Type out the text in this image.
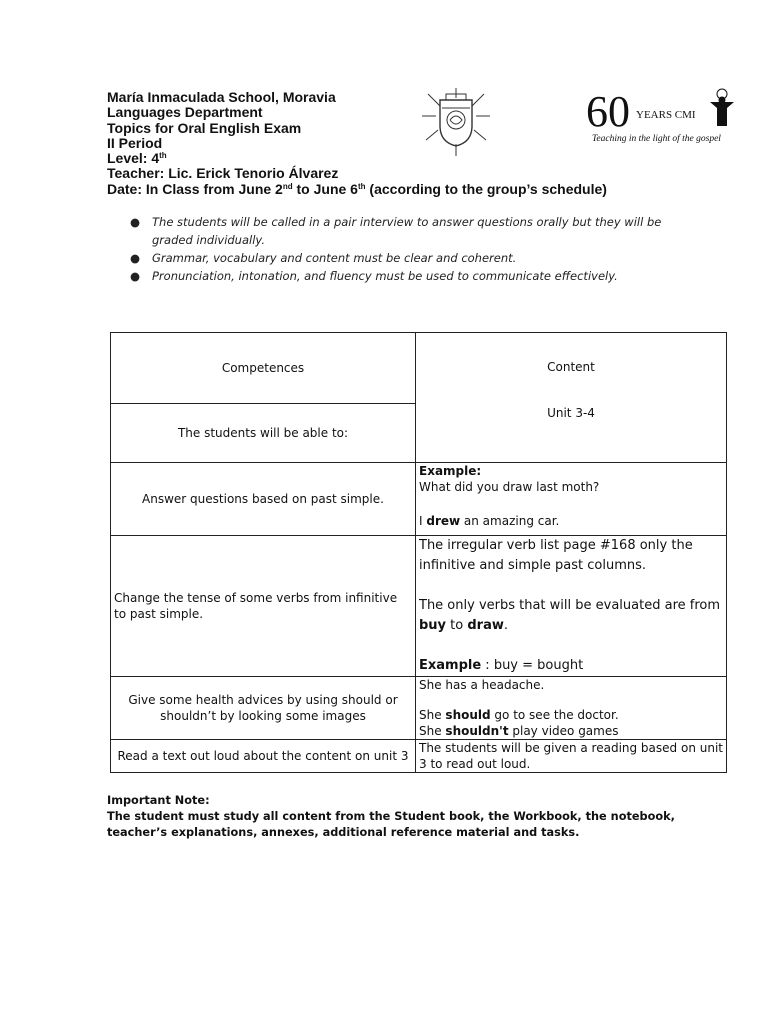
María Inmaculada School, Moravia
Languages Department
Topics for Oral English Exam
II Period
Level: 4th
Teacher: Lic. Erick Tenorio Álvarez
Date: In Class from June 2nd to June 6th (according to the group’s schedule)
60 YEARS CMI
Teaching in the light of the gospel
● The students will be called in a pair interview to answer questions orally but they will be graded individually.
● Grammar, vocabulary and content must be clear and coherent.
● Pronunciation, intonation, and fluency must be used to communicate effectively.
Competences	Content
Unit 3-4

The students will be able to:	
Answer questions based on past simple.	Example:

What did you draw last moth?

I drew an amazing car.

Change the tense of some verbs from infinitive to past simple.	The irregular verb list page #168 only the infinitive and simple past columns.

The only verbs that will be evaluated are from buy to draw.

Example : buy = bought

Give some health advices by using should or shouldn’t by looking some images	She has a headache.

She should go to see the doctor.

She shouldn't play video games

Read a text out loud about the content on unit 3	The students will be given a reading based on unit 3 to read out loud.
Important Note:
The student must study all content from the Student book, the Workbook, the notebook, teacher’s explanations, annexes, additional reference material and tasks.
